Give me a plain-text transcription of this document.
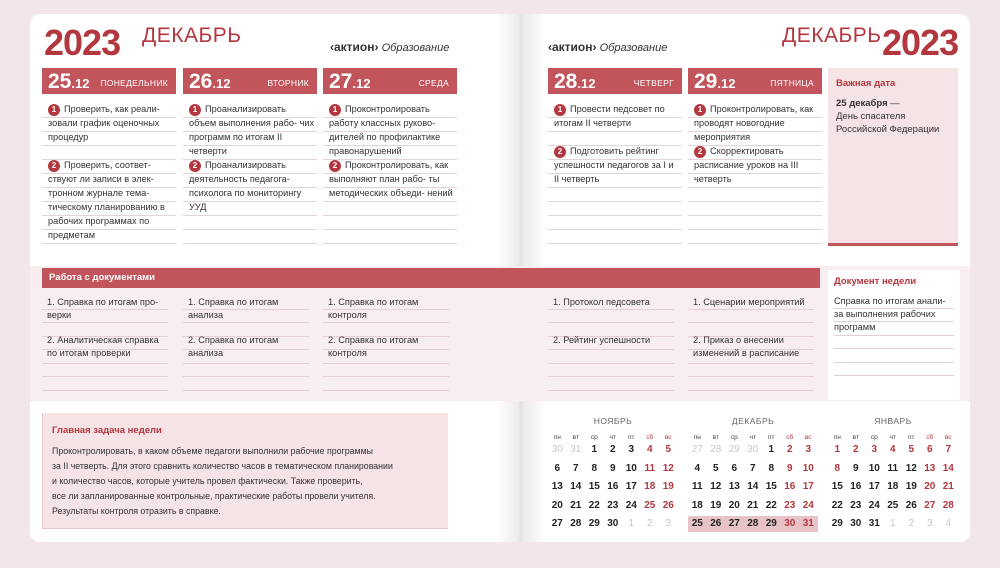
2023 ДЕКАБРЬ	‹актион› Образование	‹актион› Образование
ДЕКАБРЬ 2023
25.12 ПОНЕДЕЛЬНИК
1 Проверить, как реали- зовали график оценочных процедур
2 Проверить, соответ- ствуют ли записи в элек- тронном журнале тема- тическому планированию в рабочих программах по предметам
26.12	ВТОРНИК
1 Проанализировать объем выполнения рабо- чих программ по итогам II четверти
2 Проанализировать деятельность педагога- психолога по мониторингу УУД
27.12	СРЕДА
1 Проконтролировать работу классных руково- дителей по профилактике правонарушений
2 Проконтролировать, как выполняют план рабо- ты методических объеди- нений
28.12	ЧЕТВЕРГ
1 Провести педсовет по итогам II четверти
2 Подготовить рейтинг успешности педагогов за I и II четверть
29.12	ПЯТНИЦА
1 Проконтролировать, как проводят новогодние мероприятия
2 Скорректировать расписание уроков на III четверть
Важная дата
25 декабря —
День спасателя Российской Федерации
Работа с документами
1. Справка по итогам про- верки
2. Аналитическая справка по итогам проверки
1. Справка по итогам анализа
2. Справка по итогам анализа
1. Справка по итогам контроля
2. Справка по итогам контроля
1. Протокол педсовета
2. Рейтинг успешности
1. Сценарии мероприятий
2. Приказ о внесении изменений в расписание
Документ недели
Справка по итогам анали- за выполнения рабочих программ
Главная задача недели
Проконтролировать, в каком объеме педагоги выполнили рабочие программы
за II четверть. Для этого сравнить количество часов в тематическом планировании
и количество часов, которые учитель провел фактически. Также проверить,
все ли запланированные контрольные, практические работы провели учителя.
Результаты контроля отразить в справке.
НОЯБРЬ
пн	вт	ср	чт	пт	сб	вс
30 31	1	2	3	4	5
6	7	8	9	10 11 12
13 14 15 16 17 18 19
20 21 22 23 24 25 26
27 28 29 30	1	2	3
ДЕКАБРЬ
пн	вт	ср	чт	пт	сб	вс
27 28 29 30	1	2	3
4	5	6	7	8	9	10
11 12 13 14 15 16 17
18 19 20 21 22 23 24
25 26 27 28 29 30 31
ЯНВАРЬ
пн	вт	ср	чт	пт	сб	вс
1	2	3	4	5	6	7
8	9	10 11 12 13 14
15 16 17 18 19 20 21
22 23 24 25 26 27 28
29 30 31	1	2	3	4
